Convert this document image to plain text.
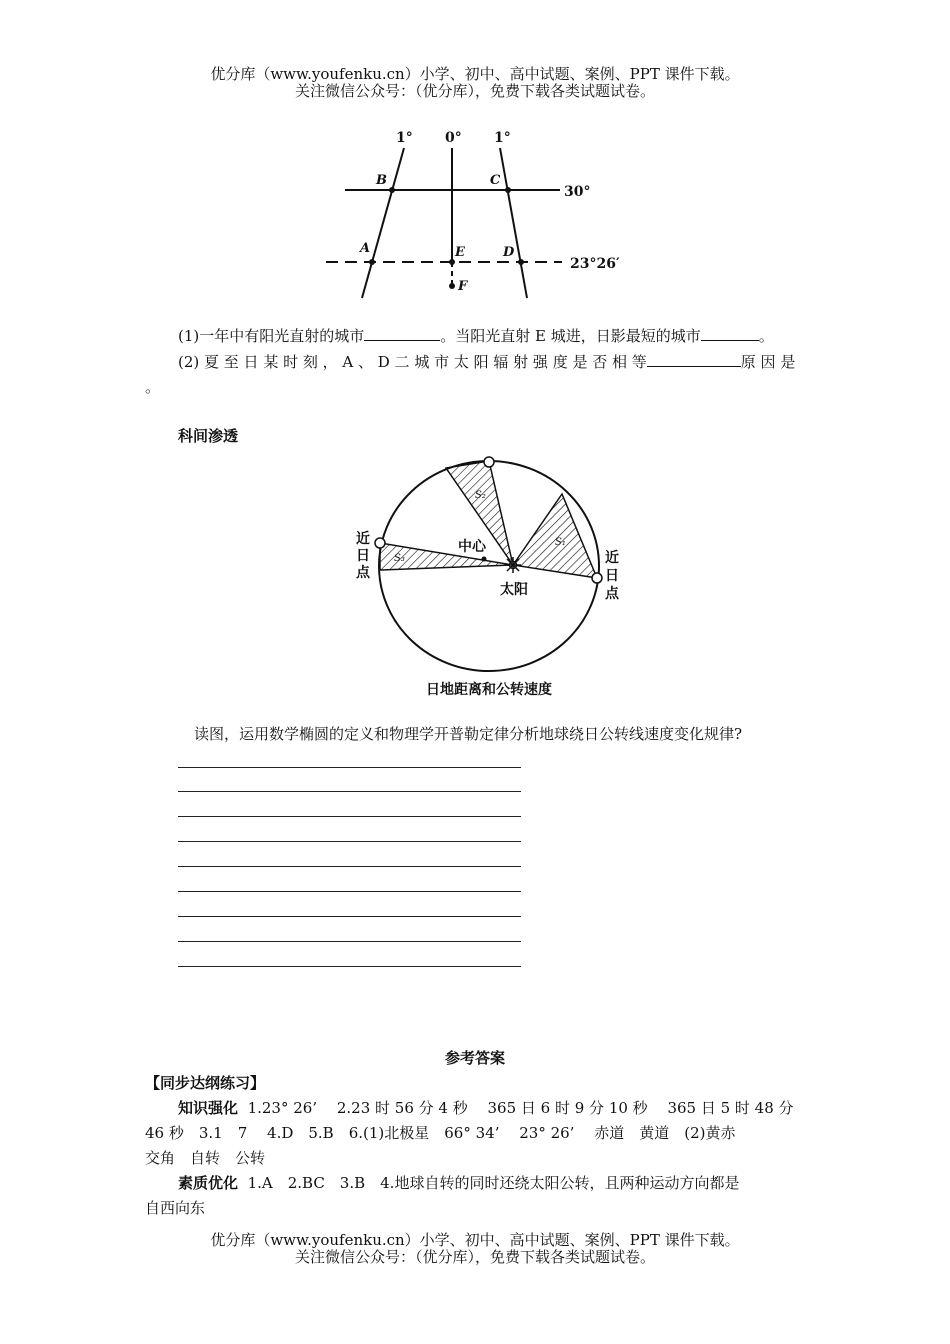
优分库（www.youfenku.cn）小学、初中、高中试题、案例、PPT 课件下载。
关注微信公众号：（优分库），免费下载各类试题试卷。
1° 0° 1°
30°
23°26′
B	C
A	E	D
F
(1)一年中有阳光直射的城市	。当阳光直射 E 城进，日影最短的城市	。
(2) 夏 至 日 某 时 刻 ， A 、 D 二 城 市 太 阳 辐 射 强 度 是 否 相 等	原 因 是
。
科间渗透
近日点
近日点
中心
太阳
S₂
S₁
S₃
日地距离和公转速度
读图，运用数学椭圆的定义和物理学开普勒定律分析地球绕日公转线速度变化规律?
参考答案
【同步达纲练习】
知识强化 1.23° 26’　 2.23 时 56 分 4 秒　 365 日 6 时 9 分 10 秒　 365 日 5 时 48 分
46 秒　3.1　7　 4.D　5.B　6.(1)北极星　66° 34’　 23° 26’　 赤道　黄道　(2)黄赤
交角　自转　公转
素质优化 1.A　2.BC　3.B　4.地球自转的同时还绕太阳公转，且两种运动方向都是
自西向东
优分库（www.youfenku.cn）小学、初中、高中试题、案例、PPT 课件下载。
关注微信公众号：（优分库），免费下载各类试题试卷。
